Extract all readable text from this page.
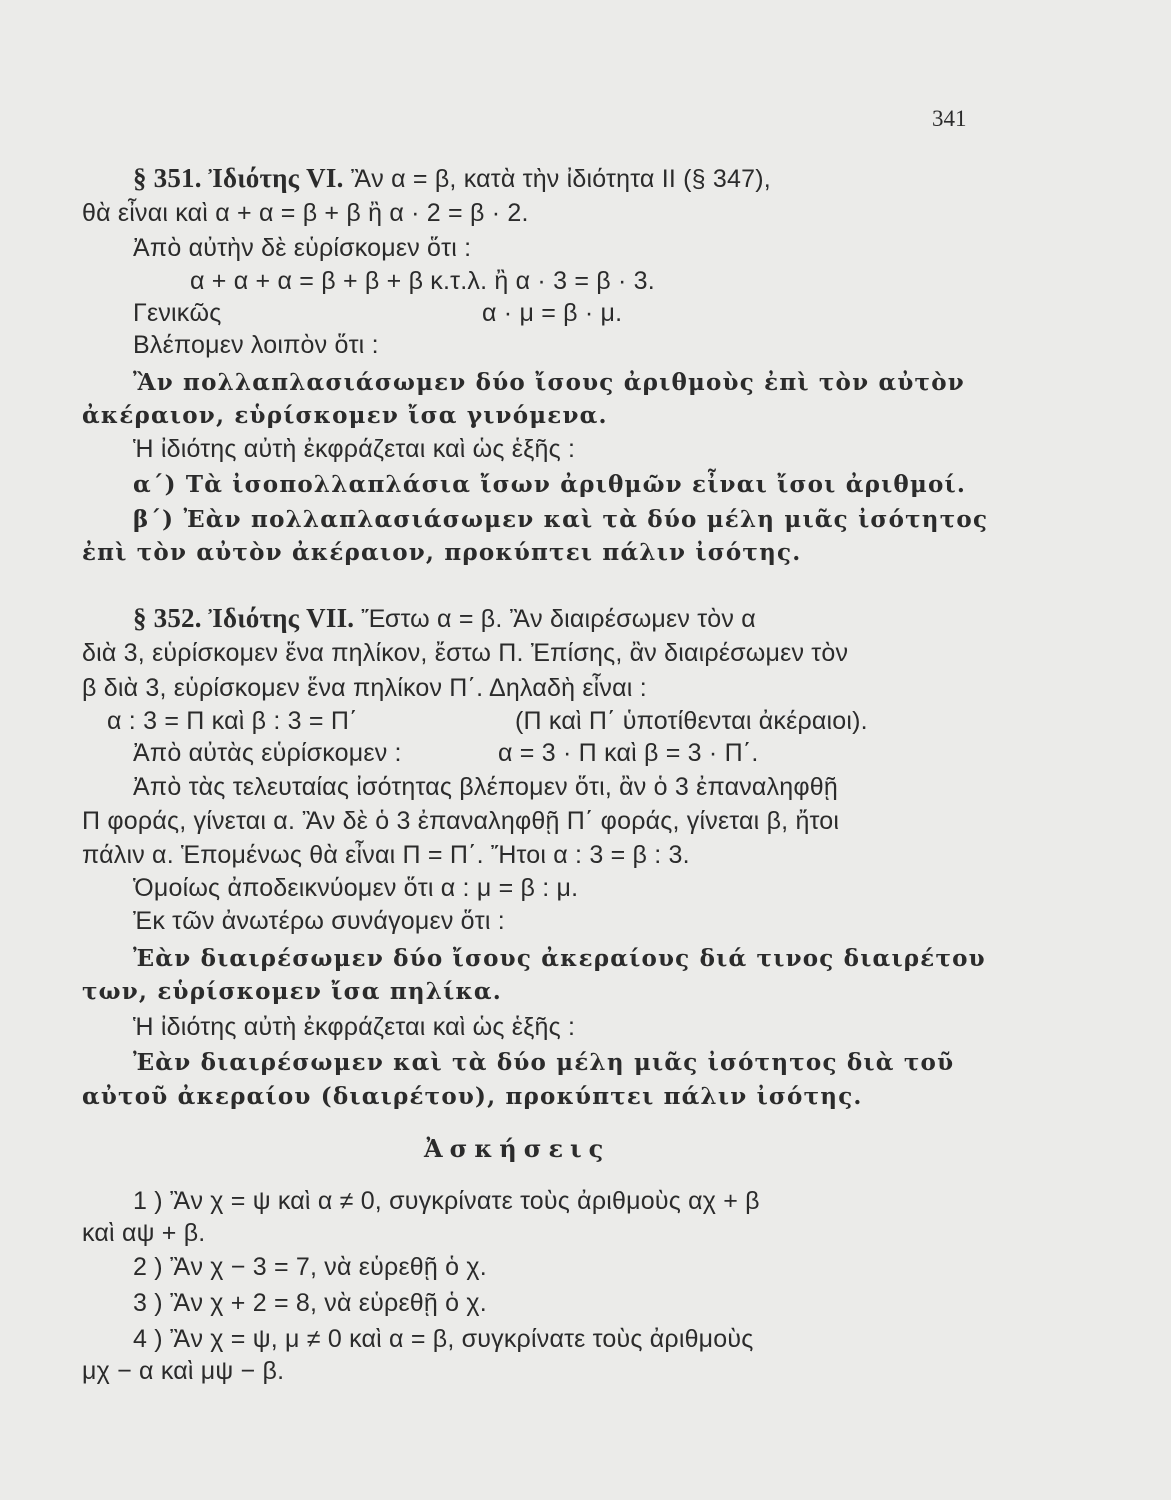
341
§ 351. Ἰδιότης VI. Ἂν α = β, κατὰ τὴν ἰδιότητα ΙΙ (§ 347),
θὰ εἶναι καὶ α + α = β + β ἢ α · 2 = β · 2.
Ἀπὸ αὐτὴν δὲ εὑρίσκομεν ὅτι :
α + α + α = β + β + β κ.τ.λ. ἢ α · 3 = β · 3.
Γενικῶς	α · μ = β · μ.
Βλέπομεν λοιπὸν ὅτι :
Ἂν πολλαπλασιάσωμεν δύο ἴσους ἀριθμοὺς ἐπὶ τὸν αὐτὸν
ἀκέραιον, εὑρίσκομεν ἴσα γινόμενα.
Ἡ ἰδιότης αὐτὴ ἐκφράζεται καὶ ὡς ἑξῆς :
α΄) Τὰ ἰσοπολλαπλάσια ἴσων ἀριθμῶν εἶναι ἴσοι ἀριθμοί.
β΄) Ἐὰν πολλαπλασιάσωμεν καὶ τὰ δύο μέλη μιᾶς ἰσότητος
ἐπὶ τὸν αὐτὸν ἀκέραιον, προκύπτει πάλιν ἰσότης.
§ 352. Ἰδιότης VII. Ἔστω α = β. Ἂν διαιρέσωμεν τὸν α
διὰ 3, εὑρίσκομεν ἕνα πηλίκον, ἔστω Π. Ἐπίσης, ἂν διαιρέσωμεν τὸν
β διὰ 3, εὑρίσκομεν ἕνα πηλίκον Π΄. Δηλαδὴ εἶναι :
α : 3 = Π καὶ β : 3 = Π΄	(Π καὶ Π΄ ὑποτίθενται ἀκέραιοι).
Ἀπὸ αὐτὰς εὑρίσκομεν :	α = 3 · Π καὶ β = 3 · Π΄.
Ἀπὸ τὰς τελευταίας ἰσότητας βλέπομεν ὅτι, ἂν ὁ 3 ἐπαναληφθῇ
Π φοράς, γίνεται α. Ἂν δὲ ὁ 3 ἐπαναληφθῇ Π΄ φοράς, γίνεται β, ἤτοι
πάλιν α. Ἑπομένως θὰ εἶναι Π = Π΄. Ἤτοι α : 3 = β : 3.
Ὁμοίως ἀποδεικνύομεν ὅτι α : μ = β : μ.
Ἐκ τῶν ἀνωτέρω συνάγομεν ὅτι :
Ἐὰν διαιρέσωμεν δύο ἴσους ἀκεραίους διά τινος διαιρέτου
των, εὑρίσκομεν ἴσα πηλίκα.
Ἡ ἰδιότης αὐτὴ ἐκφράζεται καὶ ὡς ἑξῆς :
Ἐὰν διαιρέσωμεν καὶ τὰ δύο μέλη μιᾶς ἰσότητος διὰ τοῦ
αὐτοῦ ἀκεραίου (διαιρέτου), προκύπτει πάλιν ἰσότης.
Ἀσκήσεις
1 ) Ἂν χ = ψ καὶ α ≠ 0, συγκρίνατε τοὺς ἀριθμοὺς αχ + β
καὶ αψ + β.
2 ) Ἂν χ − 3 = 7, νὰ εὑρεθῇ ὁ χ.
3 ) Ἂν χ + 2 = 8, νὰ εὑρεθῇ ὁ χ.
4 ) Ἂν χ = ψ, μ ≠ 0 καὶ α = β, συγκρίνατε τοὺς ἀριθμοὺς
μχ − α καὶ μψ − β.
